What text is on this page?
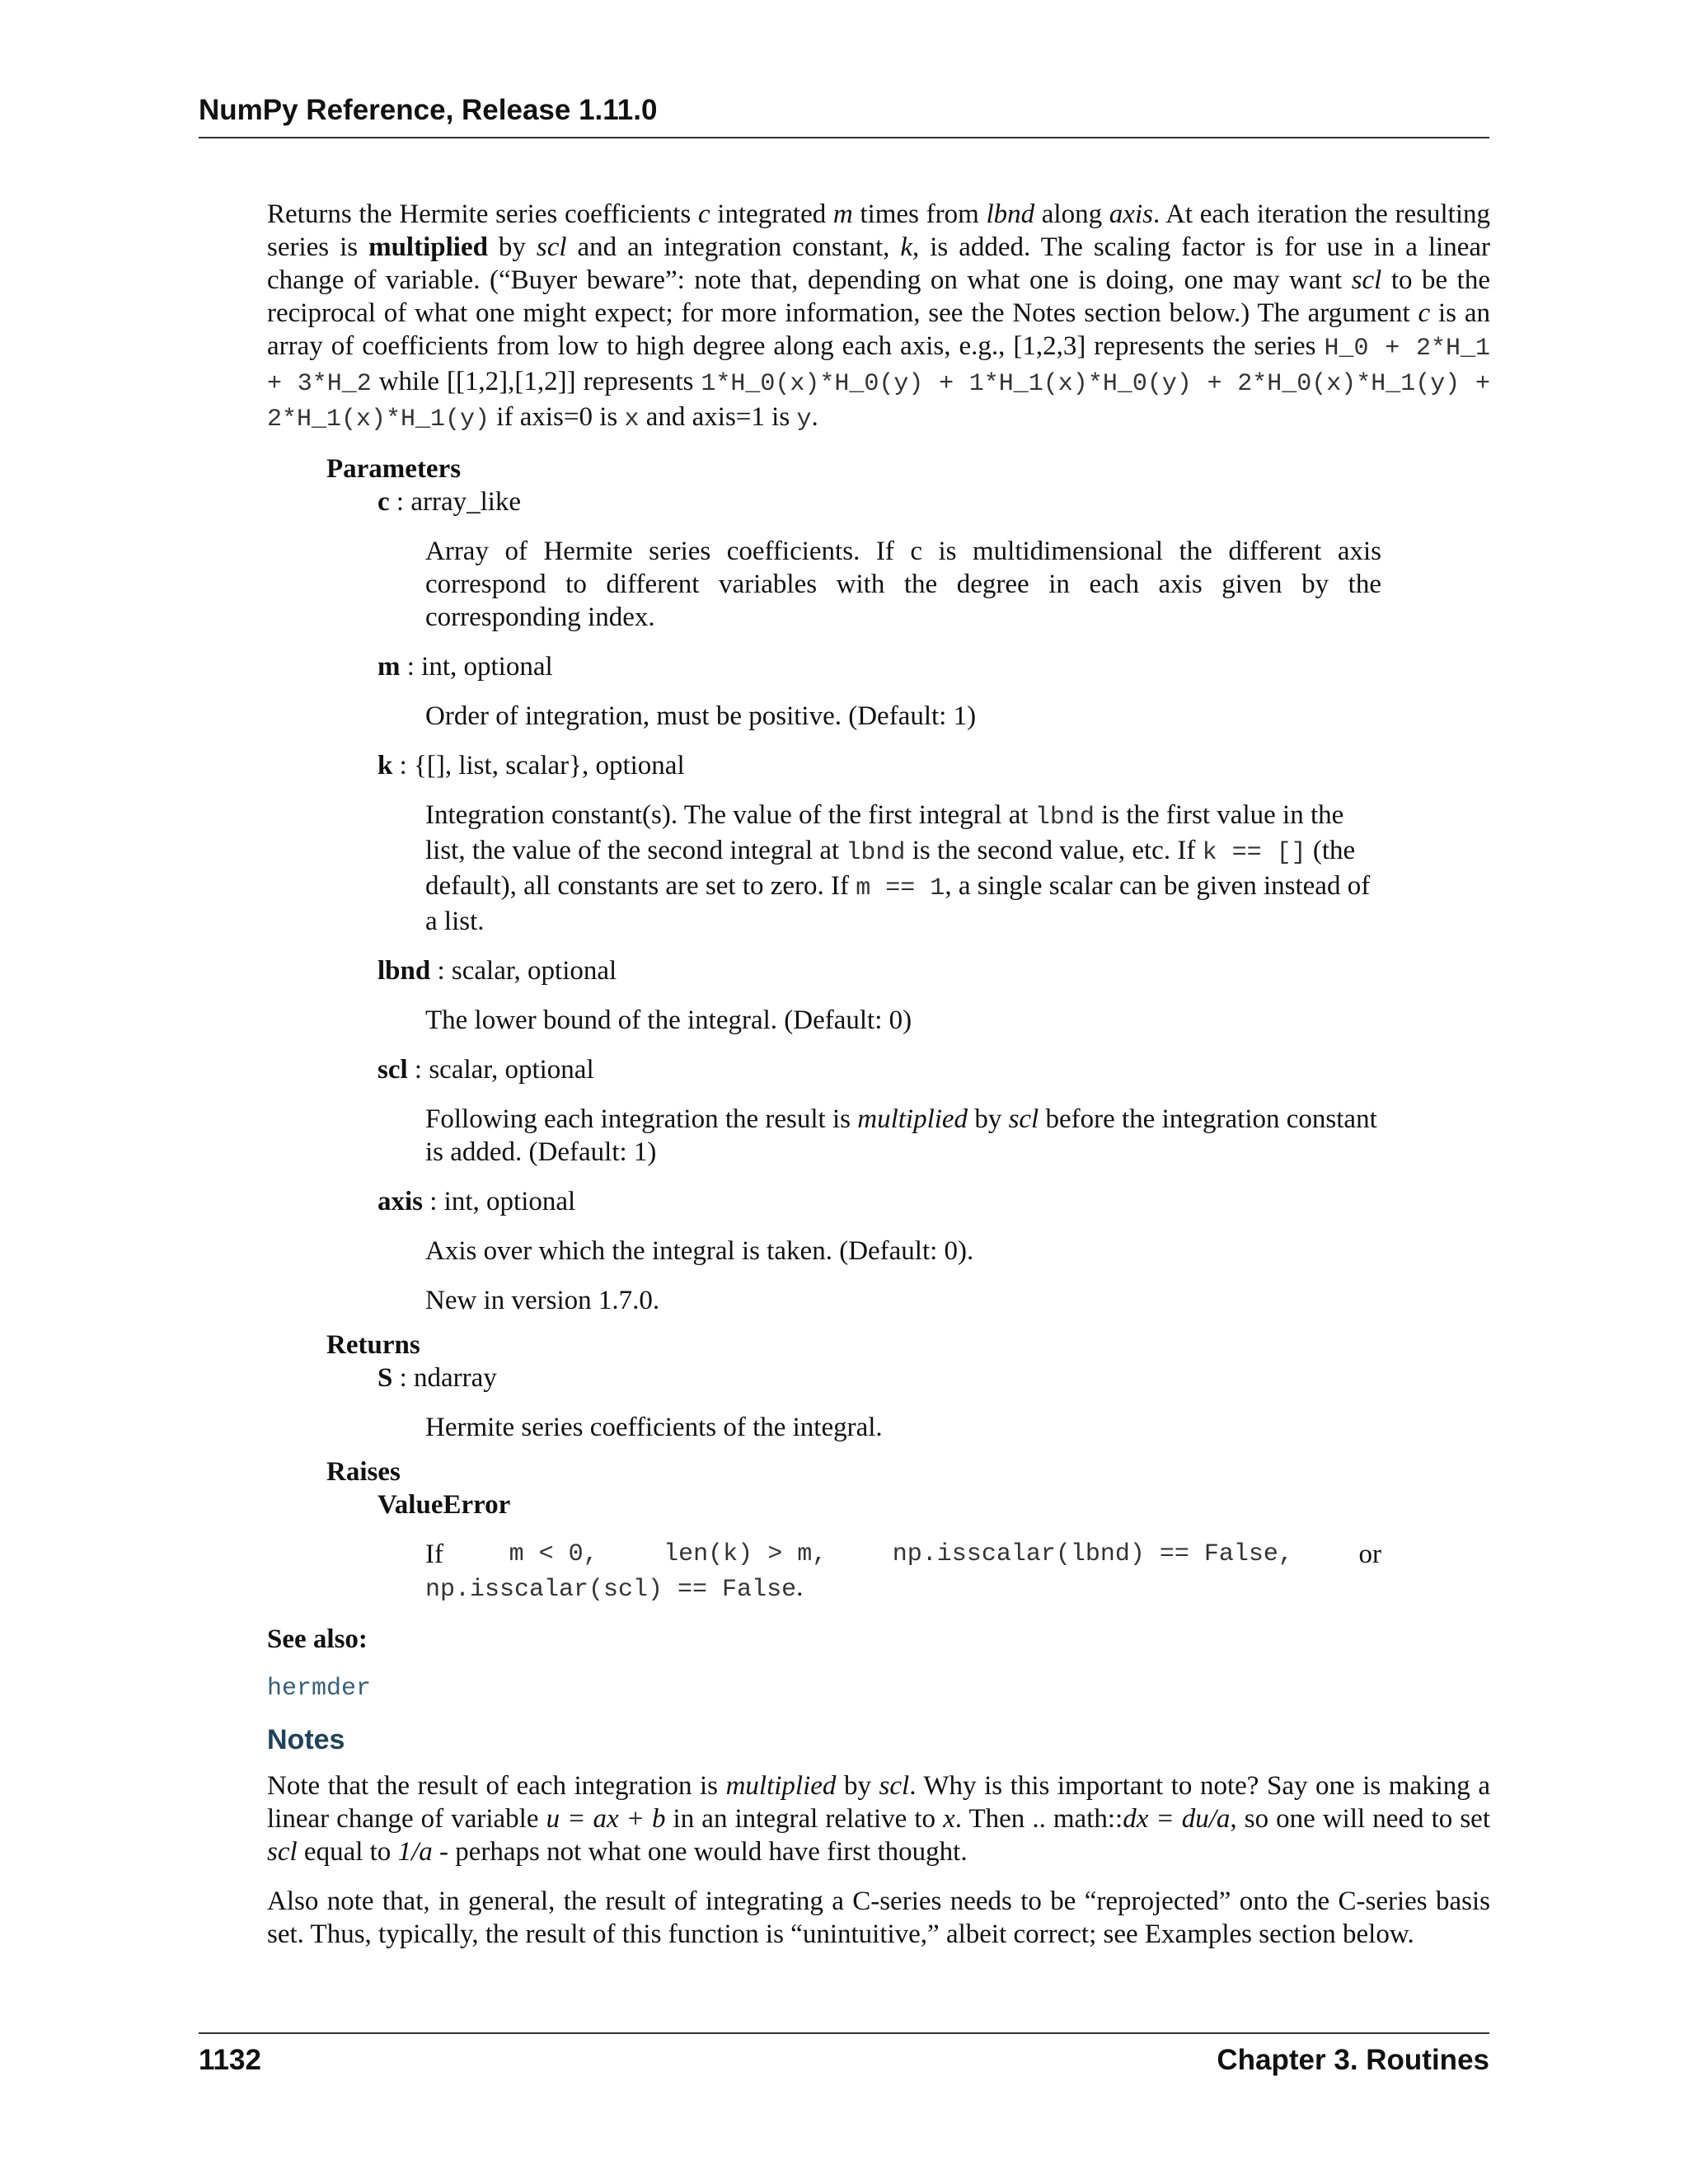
NumPy Reference, Release 1.11.0

Returns the Hermite series coefficients c integrated m times from lbnd along axis. At each iteration the resulting series is multiplied by scl and an integration constant, k, is added. The scaling factor is for use in a linear change of variable. (“Buyer beware”: note that, depending on what one is doing, one may want scl to be the reciprocal of what one might expect; for more information, see the Notes section below.) The argument c is an array of coefficients from low to high degree along each axis, e.g., [1,2,3] represents the series H_0 + 2*H_1 + 3*H_2 while [[1,2],[1,2]] represents 1*H_0(x)*H_0(y) + 1*H_1(x)*H_0(y) + 2*H_0(x)*H_1(y) + 2*H_1(x)*H_1(y) if axis=0 is x and axis=1 is y.

Parameters

c : array_like

Array of Hermite series coefficients. If c is multidimensional the different axis correspond to different variables with the degree in each axis given by the corresponding index.

m : int, optional

Order of integration, must be positive. (Default: 1)

k : {[], list, scalar}, optional

Integration constant(s). The value of the first integral at lbnd is the first value in the list, the value of the second integral at lbnd is the second value, etc. If k == [] (the default), all constants are set to zero. If m == 1, a single scalar can be given instead of a list.

lbnd : scalar, optional

The lower bound of the integral. (Default: 0)

scl : scalar, optional

Following each integration the result is multiplied by scl before the integration constant is added. (Default: 1)

axis : int, optional

Axis over which the integral is taken. (Default: 0).

New in version 1.7.0.

Returns

S : ndarray

Hermite series coefficients of the integral.

Raises

ValueError

If	m < 0,	len(k) > m,	np.isscalar(lbnd) == False, or

np.isscalar(scl) == False.

See also:

hermder

Notes

Note that the result of each integration is multiplied by scl. Why is this important to note? Say one is making a linear change of variable u = ax + b in an integral relative to x. Then .. math::dx = du/a, so one will need to set scl equal to 1/a - perhaps not what one would have first thought.

Also note that, in general, the result of integrating a C-series needs to be “reprojected” onto the C-series basis set. Thus, typically, the result of this function is “unintuitive,” albeit correct; see Examples section below.

1132	Chapter 3. Routines
